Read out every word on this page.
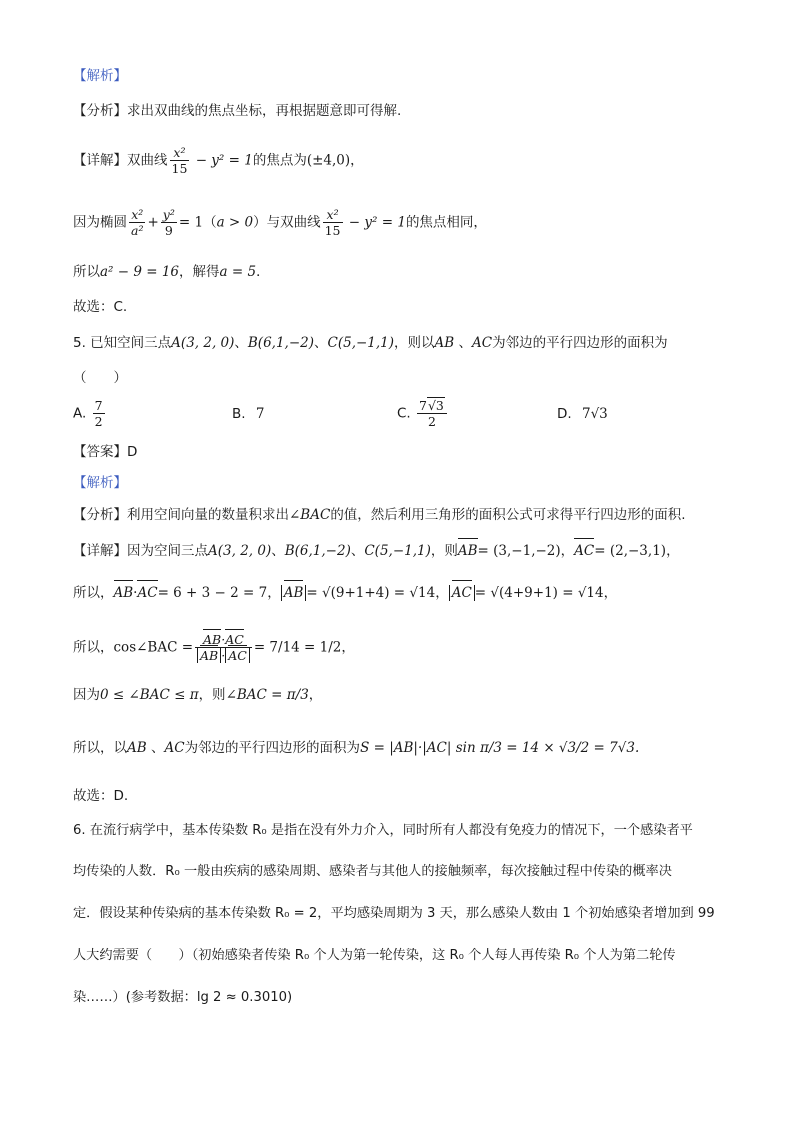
【解析】
【分析】求出双曲线的焦点坐标，再根据题意即可得解.
【详解】双曲线 $\frac{\text{x²}}{15} - y^2 = 1$的焦点为(±4,0)，
因为椭圆 $\frac{\text{x²}}{\text{a²}} + \frac{\text{y²}}{9} = 1(a > 0)$与双曲线 $\frac{\text{x²}}{15} - y^2 = 1$的焦点相同，
所以a² − 9 = 16，解得a = 5．
故选：C.
5. 已知空间三点A(3, 2, 0)、B(6,1,−2)、C(5,−1,1)，则以AB 、AC为邻边的平行四边形的面积为
（　　）
A. $\frac{7}{2}$	B. 7	C. $\frac{7√3}{2}$	D. 7√3
【答案】D
【解析】
【分析】利用空间向量的数量积求出∠BAC的值，然后利用三角形的面积公式可求得平行四边形的面积.
【详解】因为空间三点A(3, 2, 0)、B(6,1,−2)、C(5,−1,1)，则AB= (3,−1,−2)，AC= (2,−3,1)，
所以，AB·AC= 6 + 3 − 2 = 7， AB = √(9+1+4) = √14， AC = √(4+9+1) = √14，
所以，cos∠BAC = $\frac{AB\cdot AC}{AB \cdot AC} = 7/14 = 1/2$，
因为0 ≤ ∠BAC ≤ π，则∠BAC = π/3，
所以，以AB 、AC为邻边的平行四边形的面积为S = |AB|·|AC| sin π/3 = 14 × √3/2 = 7√3.
故选：D.
6. 在流行病学中，基本传染数 R₀ 是指在没有外力介入，同时所有人都没有免疫力的情况下，一个感染者平
均传染的人数．R₀ 一般由疾病的感染周期、感染者与其他人的接触频率，每次接触过程中传染的概率决
定．假设某种传染病的基本传染数 R₀ = 2，平均感染周期为 3 天，那么感染人数由 1 个初始感染者增加到 99
人大约需要（　　）（初始感染者传染 R₀ 个人为第一轮传染，这 R₀ 个人每人再传染 R₀ 个人为第二轮传
染……）(参考数据：lg 2 ≈ 0.3010)
